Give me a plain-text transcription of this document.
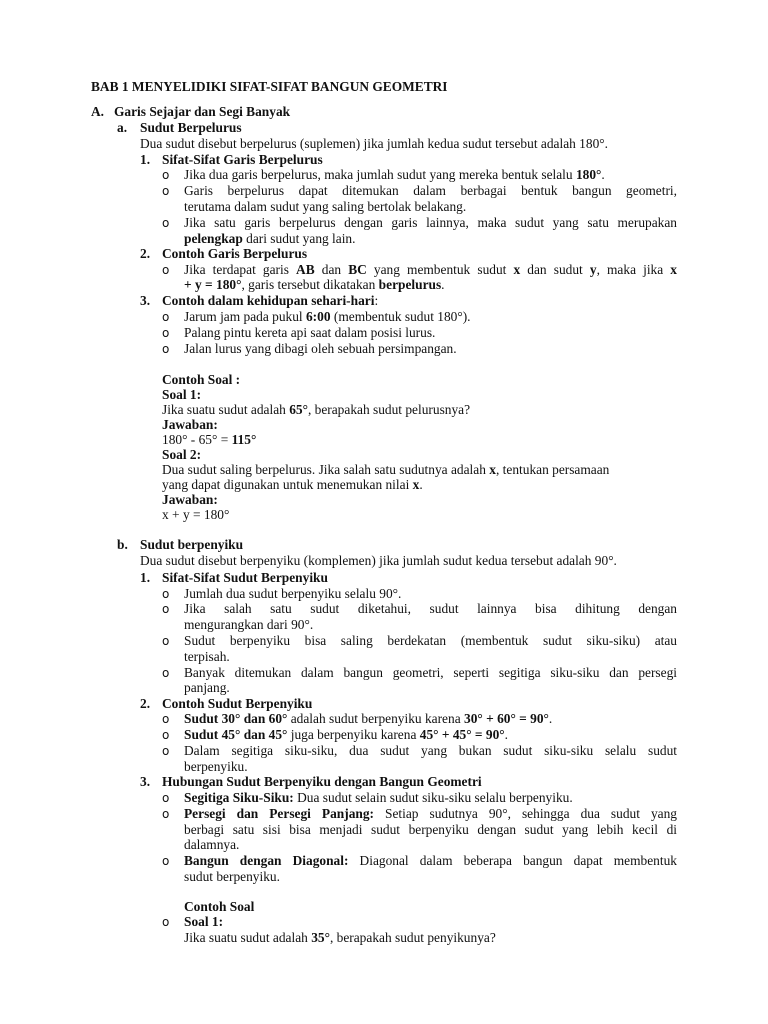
BAB 1 MENYELIDIKI SIFAT-SIFAT BANGUN GEOMETRI
A. Garis Sejajar dan Segi Banyak
a. Sudut Berpelurus
Dua sudut disebut berpelurus (suplemen) jika jumlah kedua sudut tersebut adalah 180°.
1. Sifat-Sifat Garis Berpelurus
o Jika dua garis berpelurus, maka jumlah sudut yang mereka bentuk selalu 180°.
o Garis berpelurus dapat ditemukan dalam berbagai bentuk bangun geometri,
terutama dalam sudut yang saling bertolak belakang.
o Jika satu garis berpelurus dengan garis lainnya, maka sudut yang satu merupakan
pelengkap dari sudut yang lain.
2. Contoh Garis Berpelurus
o Jika terdapat garis AB dan BC yang membentuk sudut x dan sudut y, maka jika x
+ y = 180°, garis tersebut dikatakan berpelurus.
3. Contoh dalam kehidupan sehari-hari:
o Jarum jam pada pukul 6:00 (membentuk sudut 180°).
o Palang pintu kereta api saat dalam posisi lurus.
o Jalan lurus yang dibagi oleh sebuah persimpangan.
Contoh Soal :
Soal 1:
Jika suatu sudut adalah 65°, berapakah sudut pelurusnya?
Jawaban:
180° - 65° = 115°
Soal 2:
Dua sudut saling berpelurus. Jika salah satu sudutnya adalah x, tentukan persamaan
yang dapat digunakan untuk menemukan nilai x.
Jawaban:
x + y = 180°
b. Sudut berpenyiku
Dua sudut disebut berpenyiku (komplemen) jika jumlah sudut kedua tersebut adalah 90°.
1. Sifat-Sifat Sudut Berpenyiku
o Jumlah dua sudut berpenyiku selalu 90°.
o Jika salah satu sudut diketahui, sudut lainnya bisa dihitung dengan
mengurangkan dari 90°.
o Sudut berpenyiku bisa saling berdekatan (membentuk sudut siku-siku) atau
terpisah.
o Banyak ditemukan dalam bangun geometri, seperti segitiga siku-siku dan persegi
panjang.
2. Contoh Sudut Berpenyiku
o Sudut 30° dan 60° adalah sudut berpenyiku karena 30° + 60° = 90°.
o Sudut 45° dan 45° juga berpenyiku karena 45° + 45° = 90°.
o Dalam segitiga siku-siku, dua sudut yang bukan sudut siku-siku selalu sudut
berpenyiku.
3. Hubungan Sudut Berpenyiku dengan Bangun Geometri
o Segitiga Siku-Siku: Dua sudut selain sudut siku-siku selalu berpenyiku.
o Persegi dan Persegi Panjang: Setiap sudutnya 90°, sehingga dua sudut yang
berbagi satu sisi bisa menjadi sudut berpenyiku dengan sudut yang lebih kecil di
dalamnya.
o Bangun dengan Diagonal: Diagonal dalam beberapa bangun dapat membentuk
sudut berpenyiku.
Contoh Soal
o Soal 1:
Jika suatu sudut adalah 35°, berapakah sudut penyikunya?
